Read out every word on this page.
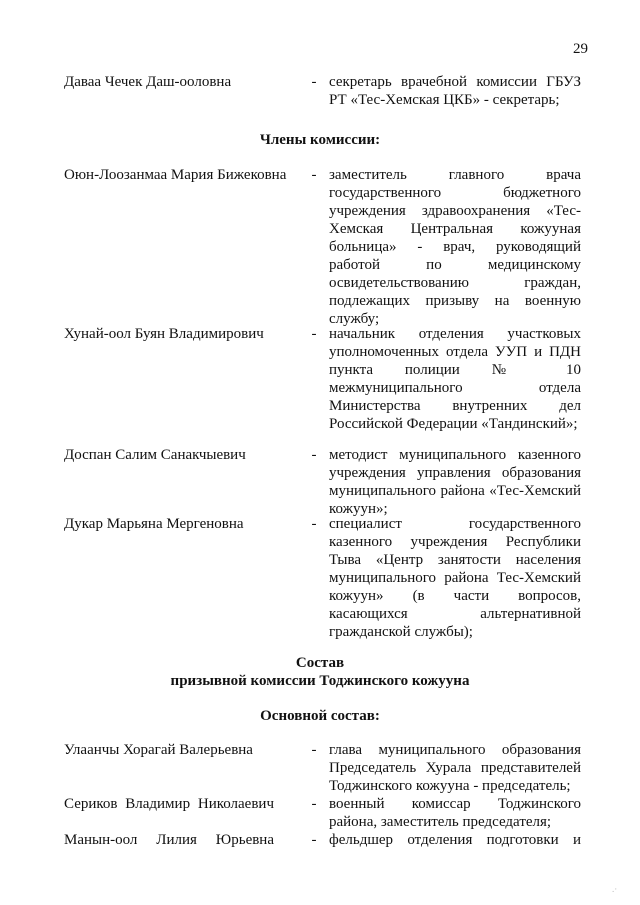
29
Даваа Чечек Даш-ооловна	- секретарь врачебной комиссии ГБУЗ РТ «Тес-Хемская ЦКБ» - секретарь;
Члены комиссии:
Оюн-Лоозанмаа Мария Бижековна	- заместитель главного врача государственного бюджетного учреждения здравоохранения «Тес-Хемская Центральная кожууная больница» - врач, руководящий работой по медицинскому освидетельствованию граждан, подлежащих призыву на военную службу;
Хунай-оол Буян Владимирович	- начальник отделения участковых уполномоченных отдела УУП и ПДН пункта полиции № 10 межмуниципального отдела Министерства внутренних дел Российской Федерации «Тандинский»;
Доспан Салим Санакчыевич	- методист муниципального казенного учреждения управления образования муниципального района «Тес-Хемский кожуун»;
Дукар Марьяна Мергеновна	- специалист государственного казенного учреждения Республики Тыва «Центр занятости населения муниципального района Тес-Хемский кожуун» (в части вопросов, касающихся альтернативной гражданской службы);
Состав
призывной комиссии Тоджинского кожууна
Основной состав:
Улаанчы Хорагай Валерьевна	- глава муниципального образования Председатель Хурала представителей Тоджинского кожууна - председатель;
Сериков Владимир Николаевич	- военный комиссар Тоджинского района, заместитель председателя;
Манын-оол Лилия Юрьевна	- фельдшер отделения подготовки и
.·
